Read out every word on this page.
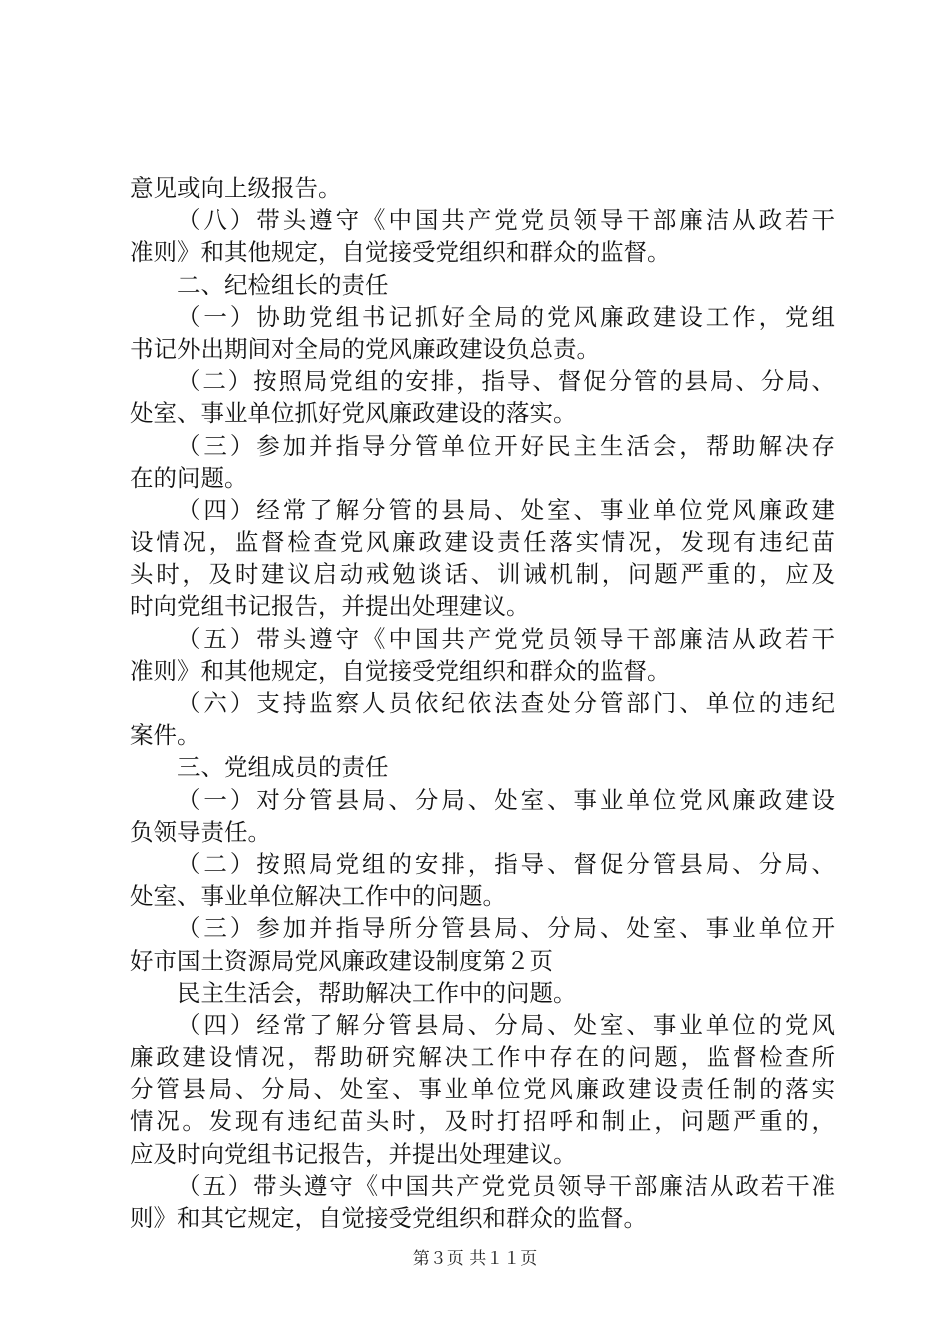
意见或向上级报告。
（八）带头遵守《中国共产党党员领导干部廉洁从政若干
准则》和其他规定，自觉接受党组织和群众的监督。
二、纪检组长的责任
（一）协助党组书记抓好全局的党风廉政建设工作，党组
书记外出期间对全局的党风廉政建设负总责。
（二）按照局党组的安排，指导、督促分管的县局、分局、
处室、事业单位抓好党风廉政建设的落实。
（三）参加并指导分管单位开好民主生活会，帮助解决存
在的问题。
（四）经常了解分管的县局、处室、事业单位党风廉政建
设情况，监督检查党风廉政建设责任落实情况，发现有违纪苗
头时，及时建议启动戒勉谈话、训诫机制，问题严重的，应及
时向党组书记报告，并提出处理建议。
（五）带头遵守《中国共产党党员领导干部廉洁从政若干
准则》和其他规定，自觉接受党组织和群众的监督。
（六）支持监察人员依纪依法查处分管部门、单位的违纪
案件。
三、党组成员的责任
（一）对分管县局、分局、处室、事业单位党风廉政建设
负领导责任。
（二）按照局党组的安排，指导、督促分管县局、分局、
处室、事业单位解决工作中的问题。
（三）参加并指导所分管县局、分局、处室、事业单位开
好市国土资源局党风廉政建设制度第２页
民主生活会，帮助解决工作中的问题。
（四）经常了解分管县局、分局、处室、事业单位的党风
廉政建设情况，帮助研究解决工作中存在的问题，监督检查所
分管县局、分局、处室、事业单位党风廉政建设责任制的落实
情况。发现有违纪苗头时，及时打招呼和制止，问题严重的，
应及时向党组书记报告，并提出处理建议。
（五）带头遵守《中国共产党党员领导干部廉洁从政若干准
则》和其它规定，自觉接受党组织和群众的监督。
第３页 共１１页
